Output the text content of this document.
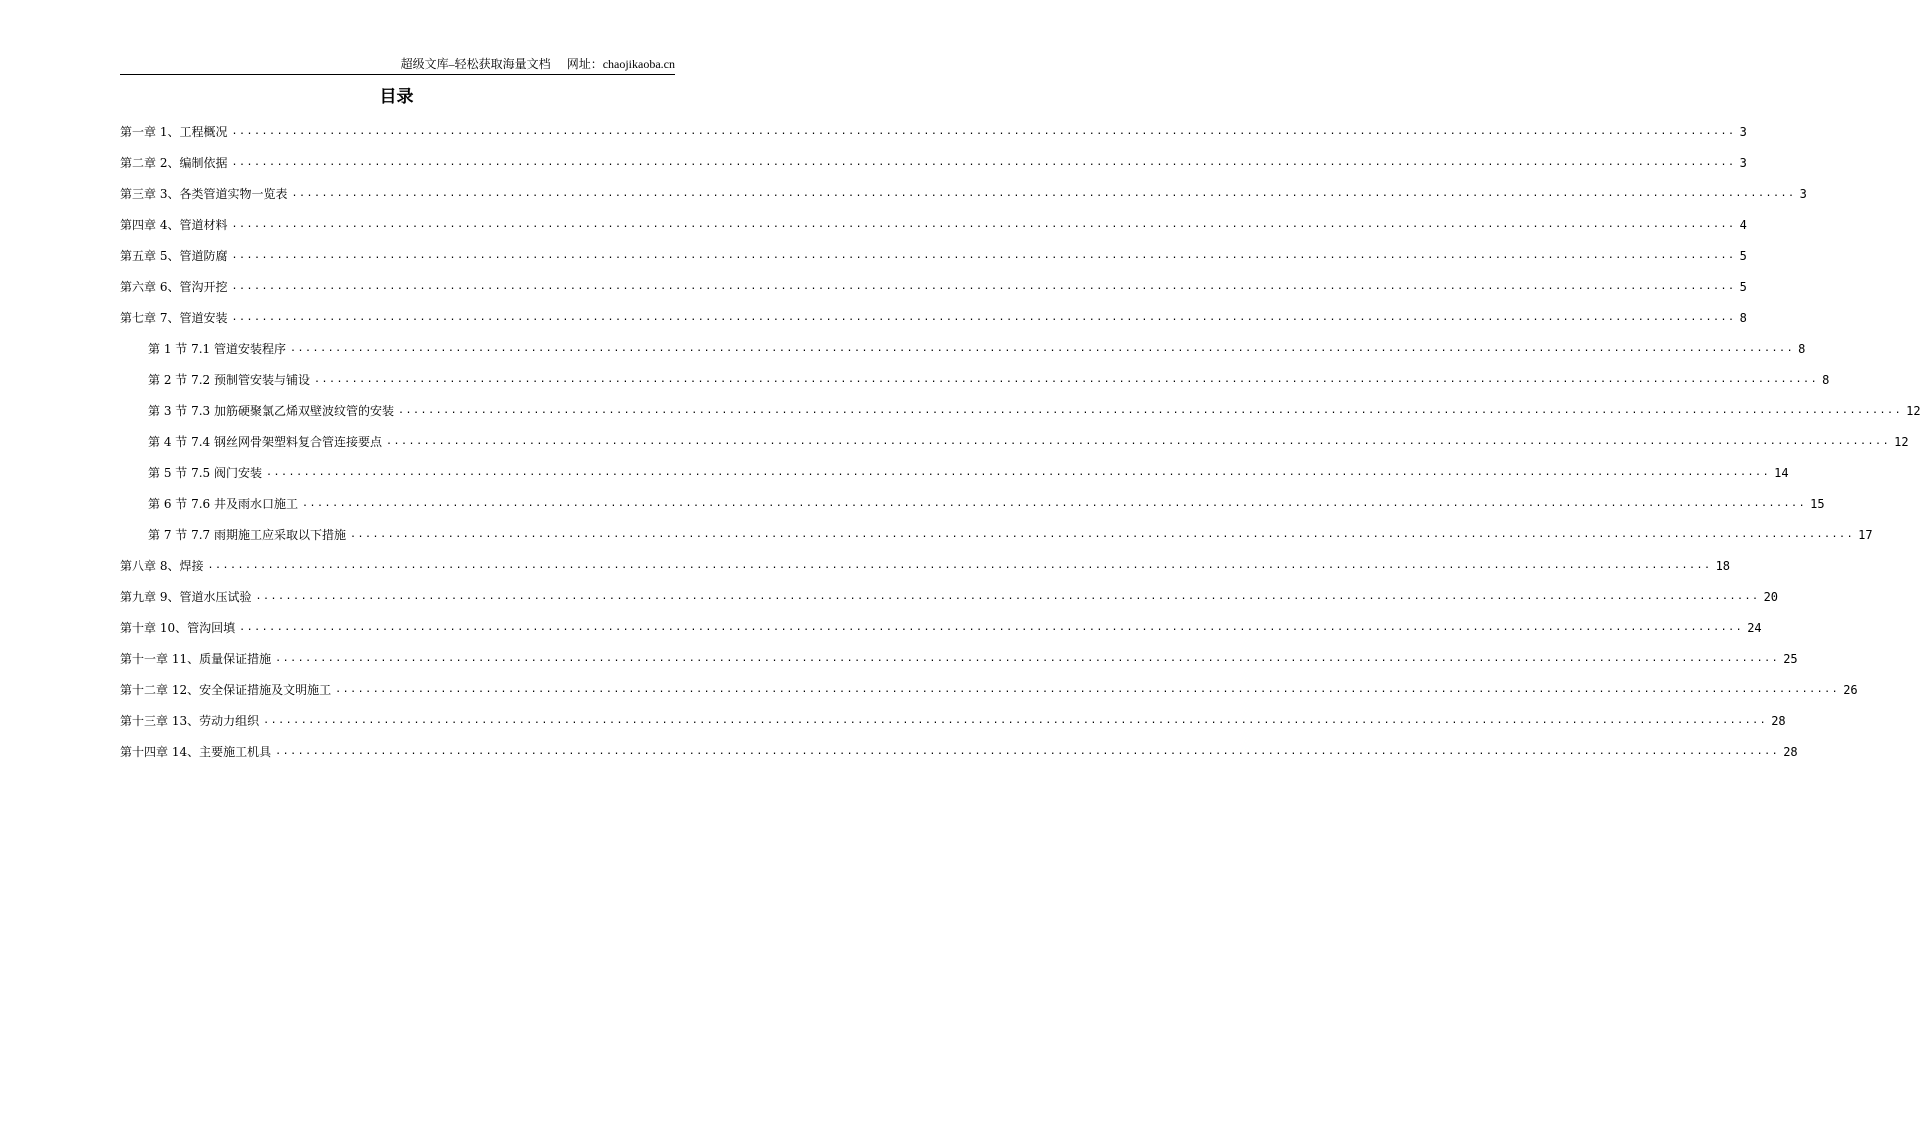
超级文库–轻松获取海量文档 网址：chaojikaoba.cn
目录
第一章 1、工程概况 ........................................................................................................................................................................................................ 3
第二章 2、编制依据 ........................................................................................................................................................................................................ 3
第三章 3、各类管道实物一览表 ........................................................................................................................................................................................................ 3
第四章 4、管道材料 ........................................................................................................................................................................................................ 4
第五章 5、管道防腐 ........................................................................................................................................................................................................ 5
第六章 6、管沟开挖 ........................................................................................................................................................................................................ 5
第七章 7、管道安装 ........................................................................................................................................................................................................ 8
第 1 节 7.1 管道安装程序 ........................................................................................................................................................................................................ 8
第 2 节 7.2 预制管安装与铺设 ........................................................................................................................................................................................................ 8
第 3 节 7.3 加筋硬聚氯乙烯双壁波纹管的安装 ........................................................................................................................................................................................................ 12
第 4 节 7.4 钢丝网骨架塑料复合管连接要点 ........................................................................................................................................................................................................ 12
第 5 节 7.5 阀门安装 ........................................................................................................................................................................................................ 14
第 6 节 7.6 井及雨水口施工 ........................................................................................................................................................................................................ 15
第 7 节 7.7 雨期施工应采取以下措施 ........................................................................................................................................................................................................ 17
第八章 8、焊接 ........................................................................................................................................................................................................ 18
第九章 9、管道水压试验 ........................................................................................................................................................................................................ 20
第十章 10、管沟回填 ........................................................................................................................................................................................................ 24
第十一章 11、质量保证措施 ........................................................................................................................................................................................................ 25
第十二章 12、安全保证措施及文明施工 ........................................................................................................................................................................................................ 26
第十三章 13、劳动力组织 ........................................................................................................................................................................................................ 28
第十四章 14、主要施工机具 ........................................................................................................................................................................................................ 28
